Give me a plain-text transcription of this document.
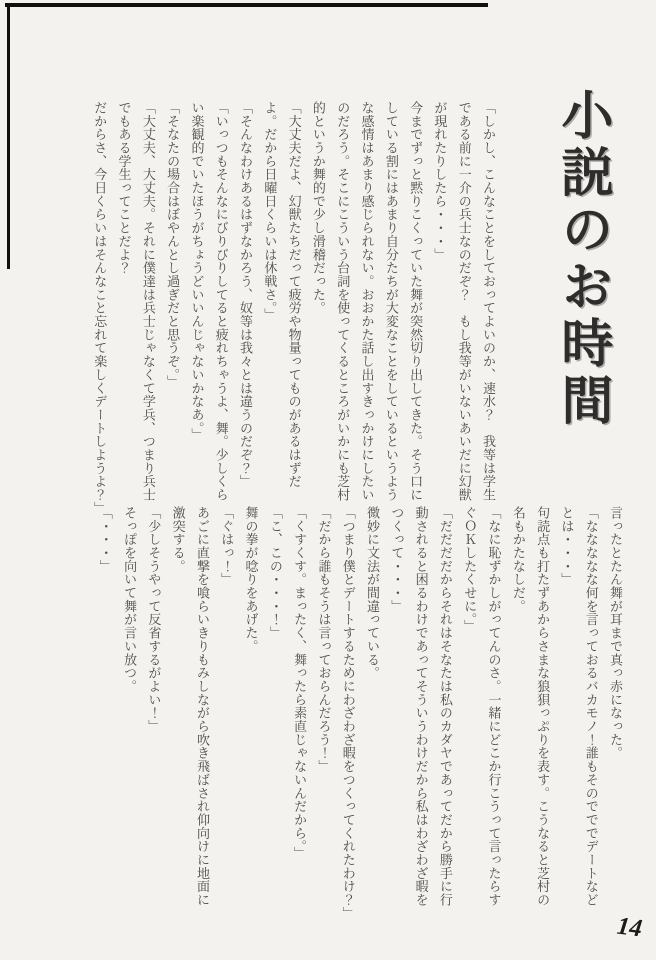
小説のお時間

「しかし、こんなことをしておってよいのか、速水？　我等は学生である前に一介の兵士なのだぞ？　もし我等がいないあいだに幻獣が現れたりしたら・・・」

今までずっと黙りこくっていた舞が突然切り出してきた。そう口にしている割にはあまり自分たちが大変なことをしているというような感情はあまり感じられない。おおかた話し出すきっかけにしたいのだろう。そこにこういう台詞を使ってくるところがいかにも芝村的というか舞的で少し滑稽だった。

「大丈夫だよ、幻獣たちだって疲労や物量ってものがあるはずだよ。だから日曜日くらいは休戦さ。」

「そんなわけあるはずなかろう、奴等は我々とは違うのだぞ？」

「いっつもそんなにびりびりしてると疲れちゃうよ、舞。少しくらい楽観的でいたほうがちょうどいいんじゃないかなあ。」

「そなたの場合はぼやんとし過ぎだと思うぞ。」

「大丈夫、大丈夫。それに僕達は兵士じゃなくて学兵、つまり兵士でもある学生ってことだよ？

だからさ、今日くらいはそんなこと忘れて楽しくデートしようよ？」

言ったとたん舞が耳まで真っ赤になった。

「ななななな何を言っておるバカモノ！誰もそのでででデートなどとは・・・」

句読点も打たずあからさまな狼狽っぷりを表す。こうなると芝村の名もかたなしだ。

「なに恥ずかしがってんのさ。一緒にどこか行こうって言ったらすぐＯＫしたくせに。」

「だだだだからそれはそなたは私のカダヤであってだから勝手に行動されると困るわけであってそういうわけだから私はわざわざ暇をつくって・・・」

微妙に文法が間違っている。

「つまり僕とデートするためにわざわざ暇をつくってくれたわけ？」

「だから誰もそうは言っておらんだろう！」

「くすくす。まったく、舞ったら素直じゃないんだから。」

「こ、この・・・！」

舞の拳が唸りをあげた。

「ぐはっ！」

あごに直撃を喰らいきりもみしながら吹き飛ばされ仰向けに地面に激突する。

「少しそうやって反省するがよい！」

そっぽを向いて舞が言い放つ。

「・・・」

14
